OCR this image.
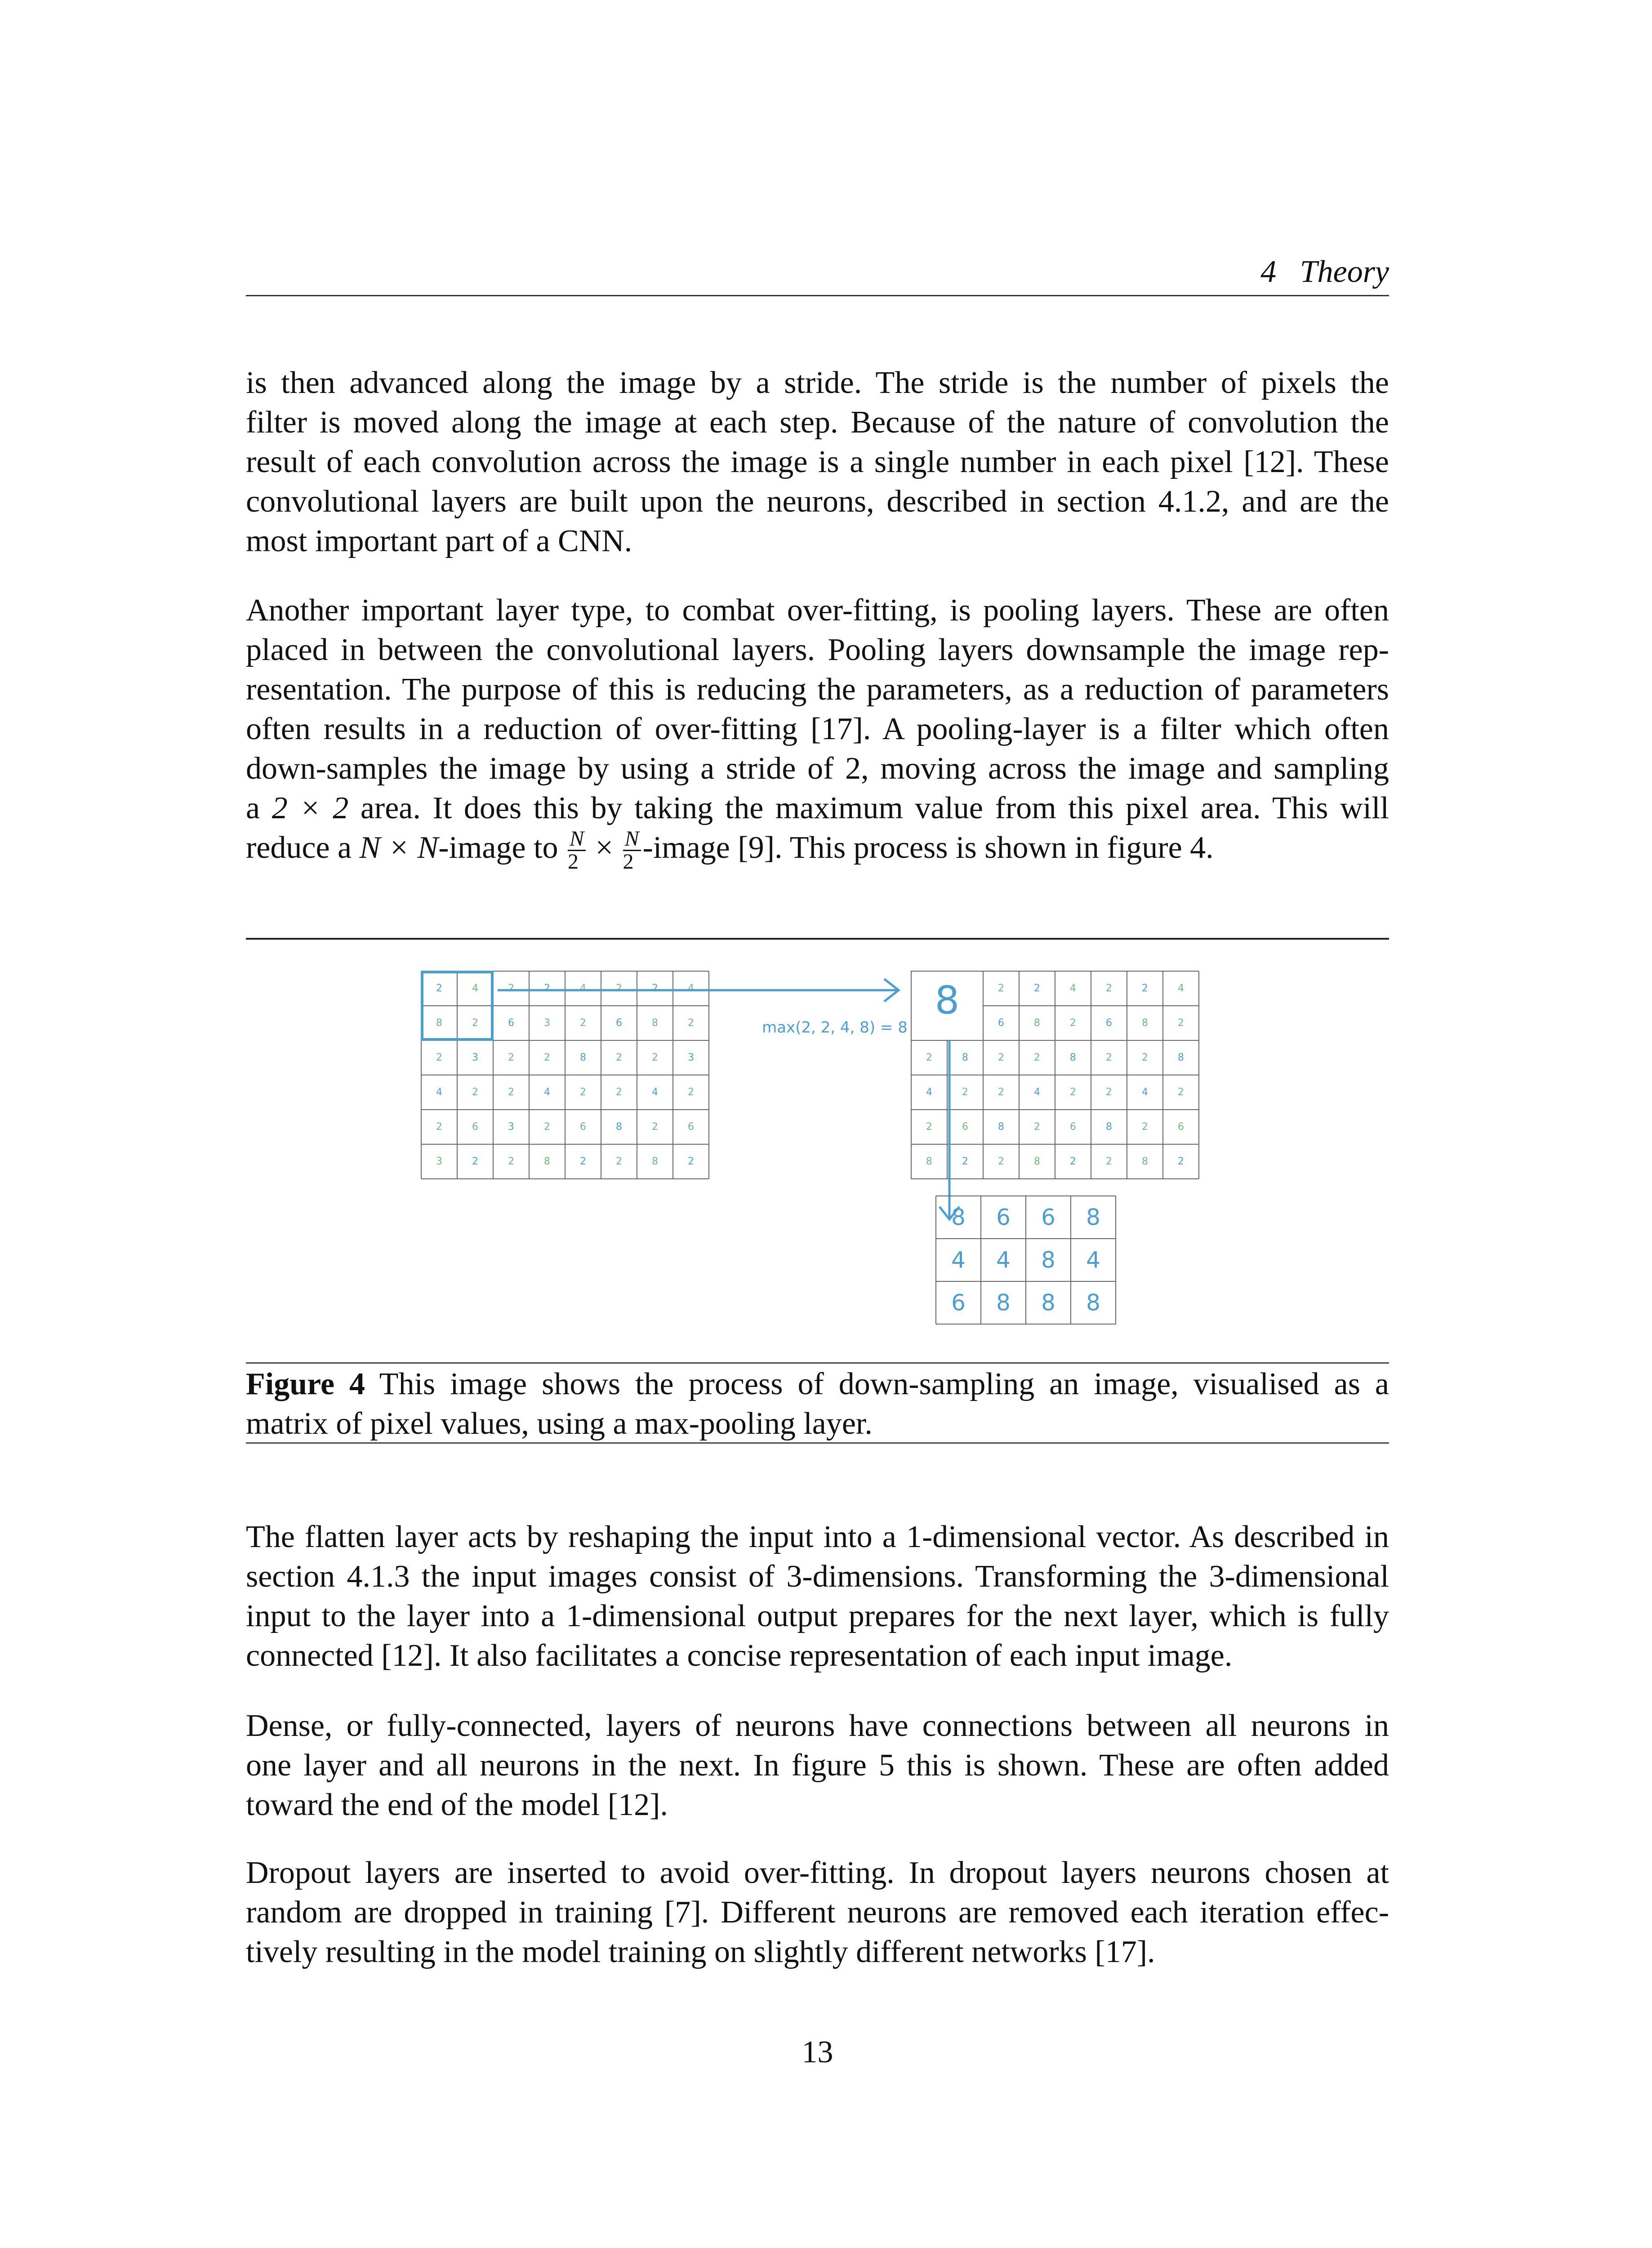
4 Theory

is then advanced along the image by a stride. The stride is the number of pixels the
filter is moved along the image at each step. Because of the nature of convolution the
result of each convolution across the image is a single number in each pixel [12]. These
convolutional layers are built upon the neurons, described in section 4.1.2, and are the
most important part of a CNN.

Another important layer type, to combat over-fitting, is pooling layers. These are often
placed in between the convolutional layers. Pooling layers downsample the image rep-
resentation. The purpose of this is reducing the parameters, as a reduction of parameters
often results in a reduction of over-fitting [17]. A pooling-layer is a filter which often
down-samples the image by using a stride of 2, moving across the image and sampling
a 2 × 2 area. It does this by taking the maximum value from this pixel area. This will
reduce a N × N-image to $\frac{N}{2} \times \frac{N}{2}$ -image [9]. This process is shown in figure 4.

2	4	2	2	4	2	2	4
8	2	6	3	2	6	8	2
2	3	2	2	8	2	2	3
4	2	2	4	2	2	4	2
2	6	3	2	6	8	2	6
3	2	2	8	2	2	8	2
max(2, 2, 4, 8) = 8
8	2	2	4	2	2	4
6	8	2	6	8	2
2	8	2	2	8	2	2	8
4	2	2	4	2	2	4	2
2	6	8	2	6	8	2	6
8	2	2	8	2	2	8	2
8 6 6 8
4 4 8 4
6 8 8 8

Figure 4 This image shows the process of down-sampling an image, visualised as a
matrix of pixel values, using a max-pooling layer.

The flatten layer acts by reshaping the input into a 1-dimensional vector. As described in
section 4.1.3 the input images consist of 3-dimensions. Transforming the 3-dimensional
input to the layer into a 1-dimensional output prepares for the next layer, which is fully
connected [12]. It also facilitates a concise representation of each input image.

Dense, or fully-connected, layers of neurons have connections between all neurons in
one layer and all neurons in the next. In figure 5 this is shown. These are often added
toward the end of the model [12].

Dropout layers are inserted to avoid over-fitting. In dropout layers neurons chosen at
random are dropped in training [7]. Different neurons are removed each iteration effec-
tively resulting in the model training on slightly different networks [17].

13
